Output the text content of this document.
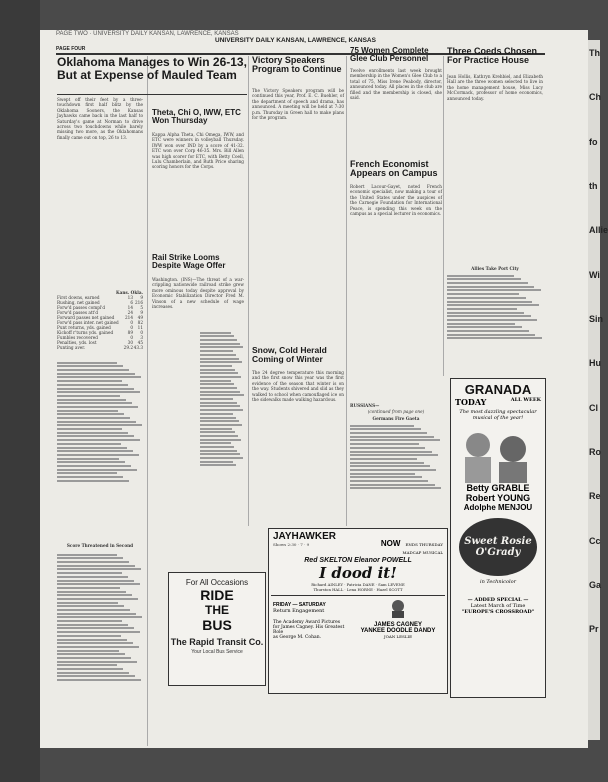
PAGE TWO · UNIVERSITY DAILY KANSAN, LAWRENCE, KANSAS
PAGE FOUR
UNIVERSITY DAILY KANSAN, LAWRENCE, KANSAS
Oklahoma Manages to Win 26-13, But at Expense of Mauled Team
Swept off their feet by a three-touchdown first half blitz by the Oklahoma Sooners, the Kansas Jayhawks came back in the last half to Saturday's game at Norman to drive across two touchdowns while barely missing two more, as the Oklahomans finally came out on top, 26 to 13.
Kans. Okla.
First downs, earned	13	9
Rushing, net gained	6	216
Forw'd passes compl'd	14	5
Forw'd passes att'd	24	9
Forward passes net gained	214	49
Forw'd pass inter. net gained	0	82
Punt returns, yds. gained	0	11
Kickoff r'turns yds. gained	89	0
Fumbles recovered	0	3
Penalties, yds. lost	30	45
Punting aver.	29.2	43.3
Score Threatened in Second
Theta, Chi O, IWW, ETC Won Thursday
Kappa Alpha Theta, Chi Omega, IWW, and ETC were winners in volleyball Thursday. IWW won over IND by a score of 41-32. ETC won over Corp 46-35. Mrs. Bill Allen was high scorer for ETC, with Betty Coell, Lulu Chamberlain, and Ruth Price sharing scoring honors for the Corps.
Rail Strike Looms Despite Wage Offer
Washington. (INS)—The threat of a war-crippling nationwide railroad strike grew more ominous today despite approval by Economic Stabilization Director Fred M. Vinson of a new schedule of wage increases.
Victory Speakers Program to Continue
The Victory Speakers program will be continued this year, Prof. E. C. Buehler, of the department of speech and drama, has announced. A meeting will be held at 7:30 p.m. Thursday in Green hall to make plans for the program.
Snow, Cold Herald Coming of Winter
The 24 degree temperature this morning and the first snow this year was the first evidence of the season that winter is on the way. Students shivered and slid as they walked to school when camouflaged ice on the sidewalks made walking hazardous.
75 Women Complete Glee Club Personnel
Twelve enrollments last week brought membership in the Women's Glee Club to a total of 75, Miss Irene Peabody, director, announced today. All places in the club are filled and the membership is closed, she said.
French Economist Appears on Campus
Robert Lacour-Gayet, noted French economic specialist, now making a tour of the United States under the auspices of the Carnegie Foundation for International Peace, is spending this week on the campus as a special lecturer in economics.
RUSSIANS—
(continued from page one)
Germans Fire Gaeta
Three Coeds Chosen For Practice House
Jean Hollis, Kathryn Krehbiel, and Elizabeth Hall are the three women selected to live in the home management house, Miss Lucy McCormack, professor of home economics, announced today.
Allies Take Port City
For All Occasions
RIDE
THE
BUS
The Rapid Transit Co.
Your Local Bus Service
JAYHAWKER
Shows 2:30 · 7 · 9	NOW ENDS THURSDAY
MADCAP MUSICAL
Red SKELTON Eleanor POWELL
I dood it!
Richard AINLEY · Patricia DANE · Sam LEVENE
Thurston HALL · Lena HORNE · Hazel SCOTT
FRIDAY — SATURDAY
Return Engagement
The Academy Award Pictures
for James Cagney. His Greatest Role
as George M. Cohan.
JAMES CAGNEY
YANKEE DOODLE DANDY
JOAN LESLIE
GRANADA
TODAY	ALL WEEK
The most dazzling spectacular musical of the year!
Betty GRABLE
Robert YOUNG
Adolphe MENJOU
Sweet Rosie O'Grady
in Technicolor
— ADDED SPECIAL —
Latest March of Time
"EUROPE'S CROSSROAD"
Th
Ch
fo
th
Allie
Wi
Sin
Hu
Cl
Ro
Re
Cc
Ga
Pr
